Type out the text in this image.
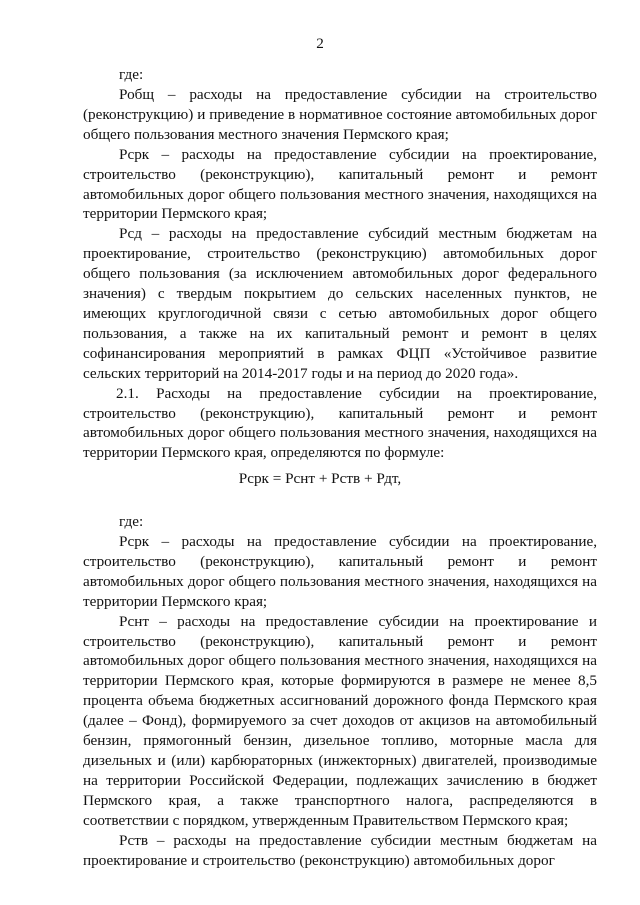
2
где:

Робщ – расходы на предоставление субсидии на строительство (реконструкцию) и приведение в нормативное состояние автомобильных дорог общего пользования местного значения Пермского края;

Рсрк – расходы на предоставление субсидии на проектирование, строительство (реконструкцию), капитальный ремонт и ремонт автомобильных дорог общего пользования местного значения, находящихся на территории Пермского края;

Рсд – расходы на предоставление субсидий местным бюджетам на проектирование, строительство (реконструкцию) автомобильных дорог общего пользования (за исключением автомобильных дорог федерального значения) с твердым покрытием до сельских населенных пунктов, не имеющих круглогодичной связи с сетью автомобильных дорог общего пользования, а также на их капитальный ремонт и ремонт в целях софинансирования мероприятий в рамках ФЦП «Устойчивое развитие сельских территорий на 2014-2017 годы и на период до 2020 года».

2.1. Расходы на предоставление субсидии на проектирование, строительство (реконструкцию), капитальный ремонт и ремонт автомобильных дорог общего пользования местного значения, находящихся на территории Пермского края, определяются по формуле:

Рсрк = Рснт + Рств + Рдт,
где:

Рсрк – расходы на предоставление субсидии на проектирование, строительство (реконструкцию), капитальный ремонт и ремонт автомобильных дорог общего пользования местного значения, находящихся на территории Пермского края;

Рснт – расходы на предоставление субсидии на проектирование и строительство (реконструкцию), капитальный ремонт и ремонт автомобильных дорог общего пользования местного значения, находящихся на территории Пермского края, которые формируются в размере не менее 8,5 процента объема бюджетных ассигнований дорожного фонда Пермского края (далее – Фонд), формируемого за счет доходов от акцизов на автомобильный бензин, прямогонный бензин, дизельное топливо, моторные масла для дизельных и (или) карбюраторных (инжекторных) двигателей, производимые на территории Российской Федерации, подлежащих зачислению в бюджет Пермского края, а также транспортного налога, распределяются в соответствии с порядком, утвержденным Правительством Пермского края;

Рств – расходы на предоставление субсидии местным бюджетам на проектирование и строительство (реконструкцию) автомобильных дорог
